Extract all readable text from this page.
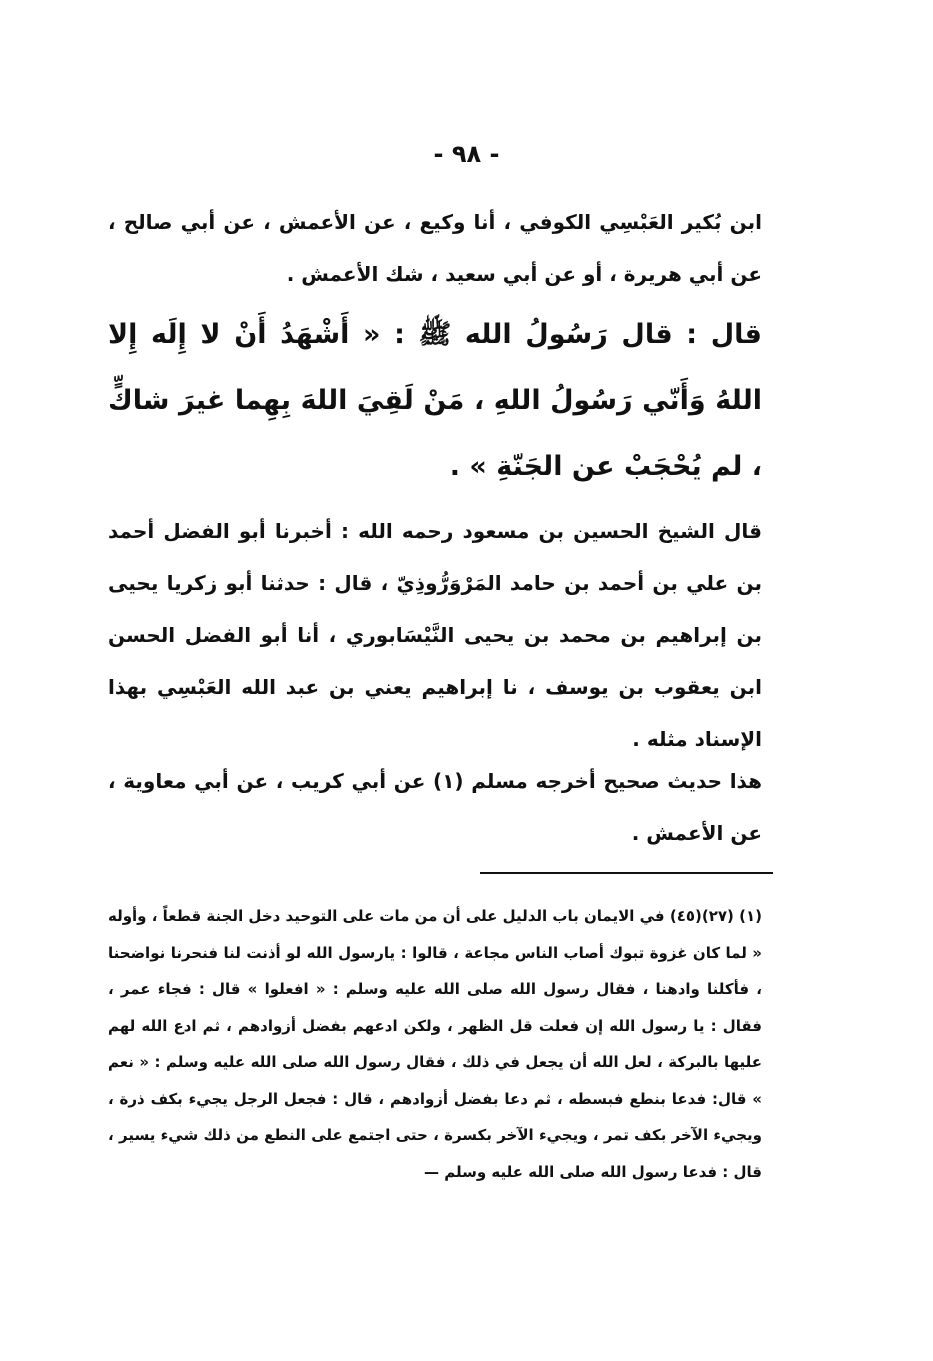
- ٩٨ -

ابن بُكير العَبْسِي الكوفي ، أنا وكيع ، عن الأعمش ، عن أبي صالح ، عن أبي هريرة ، أو عن أبي سعيد ، شك الأعمش .

قال : قال رَسُولُ الله ﷺ : « أَشْهَدُ أَنْ لا إِلَه إِلا اللهُ وَأَنّي رَسُولُ اللهِ ، مَنْ لَقِيَ اللهَ بِهِما غيرَ شاكٍّ ، لم يُحْجَبْ عن الجَنّةِ » .

قال الشيخ الحسين بن مسعود رحمه الله : أخبرنا أبو الفضل أحمد بن علي بن أحمد بن حامد المَرْوَرُّوذِيّ ، قال : حدثنا أبو زكريا يحيى بن إبراهيم بن محمد بن يحيى النَّيْسَابوري ، أنا أبو الفضل الحسن ابن يعقوب بن يوسف ، نا إبراهيم يعني بن عبد الله العَبْسِي بهذا الإسناد مثله .

هذا حديث صحيح أخرجه مسلم (١) عن أبي كريب ، عن أبي معاوية ، عن الأعمش .

(١) (٢٧)(٤٥) في الايمان باب الدليل على أن من مات على التوحيد دخل الجنة قطعاً ، وأوله « لما كان غزوة تبوك أصاب الناس مجاعة ، قالوا : يارسول الله لو أذنت لنا فنحرنا نواضحنا ، فأكلنا وادهنا ، فقال رسول الله صلى الله عليه وسلم : « افعلوا » قال : فجاء عمر ، فقال : يا رسول الله إن فعلت قل الظهر ، ولكن ادعهم بفضل أزوادهم ، ثم ادع الله لهم عليها بالبركة ، لعل الله أن يجعل في ذلك ، فقال رسول الله صلى الله عليه وسلم : « نعم » قال: فدعا بنطع فبسطه ، ثم دعا بفضل أزوادهم ، قال : فجعل الرجل يجيء بكف ذرة ، ويجيء الآخر بكف تمر ، ويجيء الآخر بكسرة ، حتى اجتمع على النطع من ذلك شيء يسير ، قال : فدعا رسول الله صلى الله عليه وسلم —
